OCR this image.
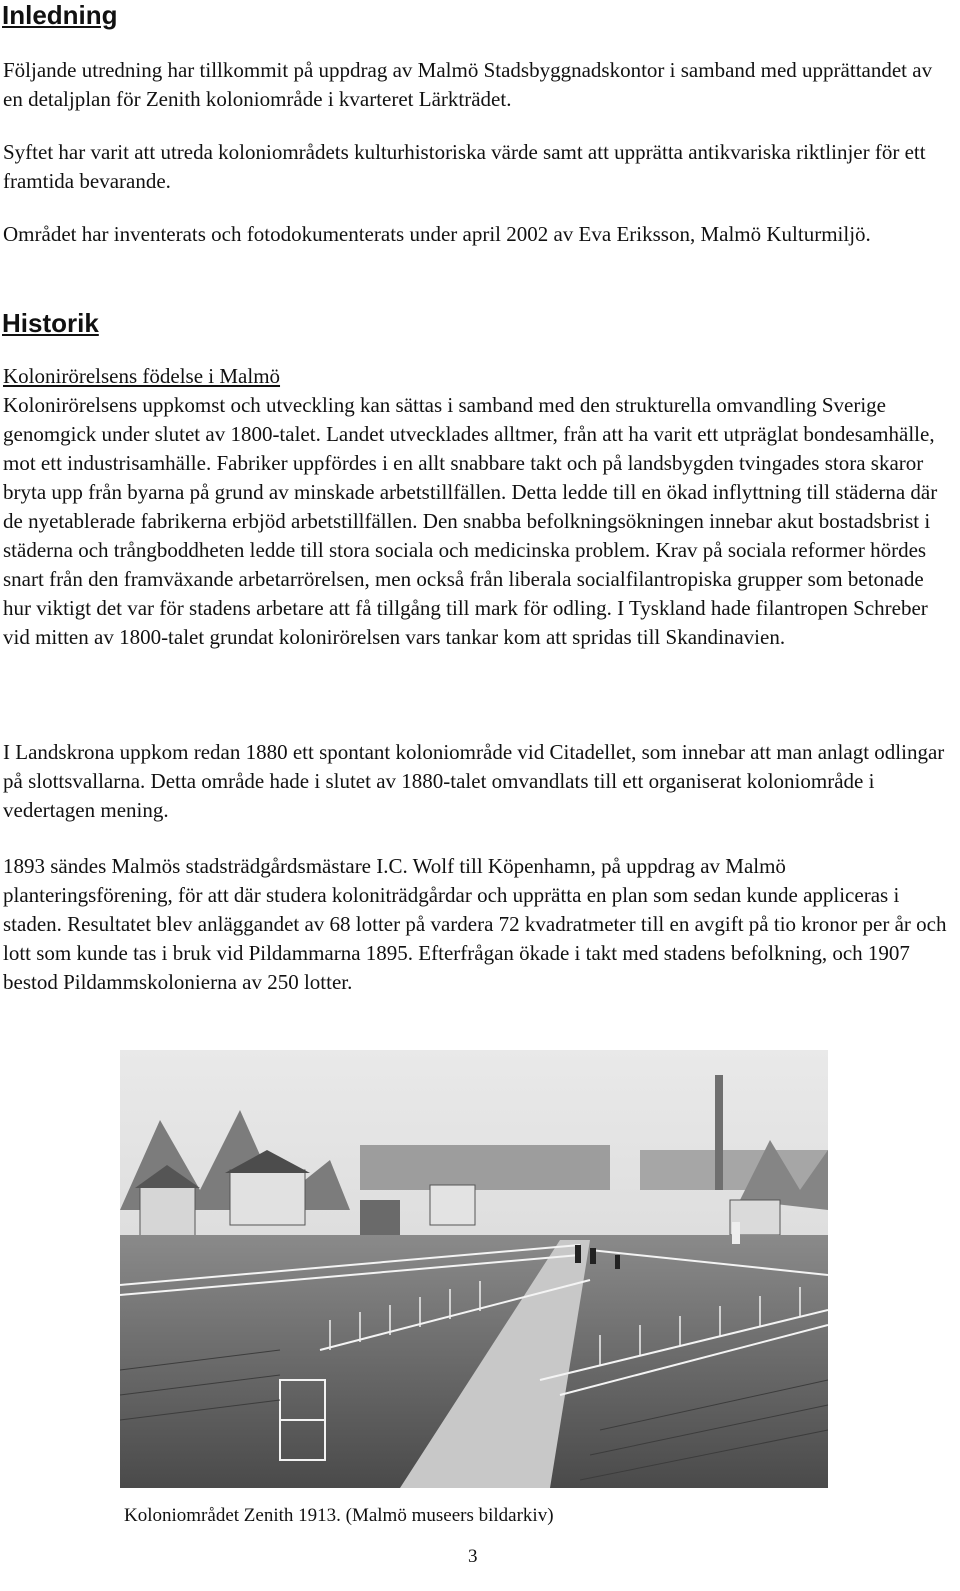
Inledning

Följande utredning har tillkommit på uppdrag av Malmö Stadsbyggnadskontor i samband med upprättandet av en detaljplan för Zenith koloniområde i kvarteret Lärkträdet.

Syftet har varit att utreda koloniområdets kulturhistoriska värde samt att upprätta antikvariska riktlinjer för ett framtida bevarande.

Området har inventerats och fotodokumenterats under april 2002 av Eva Eriksson, Malmö Kulturmiljö.

Historik

Kolonirörelsens födelse i Malmö

Kolonirörelsens uppkomst och utveckling kan sättas i samband med den strukturella omvandling Sverige genomgick under slutet av 1800-talet. Landet utvecklades alltmer, från att ha varit ett utpräglat bondesamhälle, mot ett industrisamhälle. Fabriker uppfördes i en allt snabbare takt och på landsbygden tvingades stora skaror bryta upp från byarna på grund av minskade arbetstillfällen. Detta ledde till en ökad inflyttning till städerna där de nyetablerade fabrikerna erbjöd arbetstillfällen. Den snabba befolkningsökningen innebar akut bostadsbrist i städerna och trångboddheten ledde till stora sociala och medicinska problem. Krav på sociala reformer hördes snart från den framväxande arbetarrörelsen, men också från liberala socialfilantropiska grupper som betonade hur viktigt det var för stadens arbetare att få tillgång till mark för odling. I Tyskland hade filantropen Schreber vid mitten av 1800-talet grundat kolonirörelsen vars tankar kom att spridas till Skandinavien.

I Landskrona uppkom redan 1880 ett spontant koloniområde vid Citadellet, som innebar att man anlagt odlingar på slottsvallarna. Detta område hade i slutet av 1880-talet omvandlats till ett organiserat koloniområde i vedertagen mening.

1893 sändes Malmös stadsträdgårdsmästare I.C. Wolf till Köpenhamn, på uppdrag av Malmö planteringsförening, för att där studera koloniträdgårdar och upprätta en plan som sedan kunde appliceras i staden. Resultatet blev anläggandet av 68 lotter på vardera 72 kvadratmeter till en avgift på tio kronor per år och lott som kunde tas i bruk vid Pildammarna 1895. Efterfrågan ökade i takt med stadens befolkning, och 1907 bestod Pildammskolonierna av 250 lotter.

Koloniområdet Zenith 1913. (Malmö museers bildarkiv)

3
